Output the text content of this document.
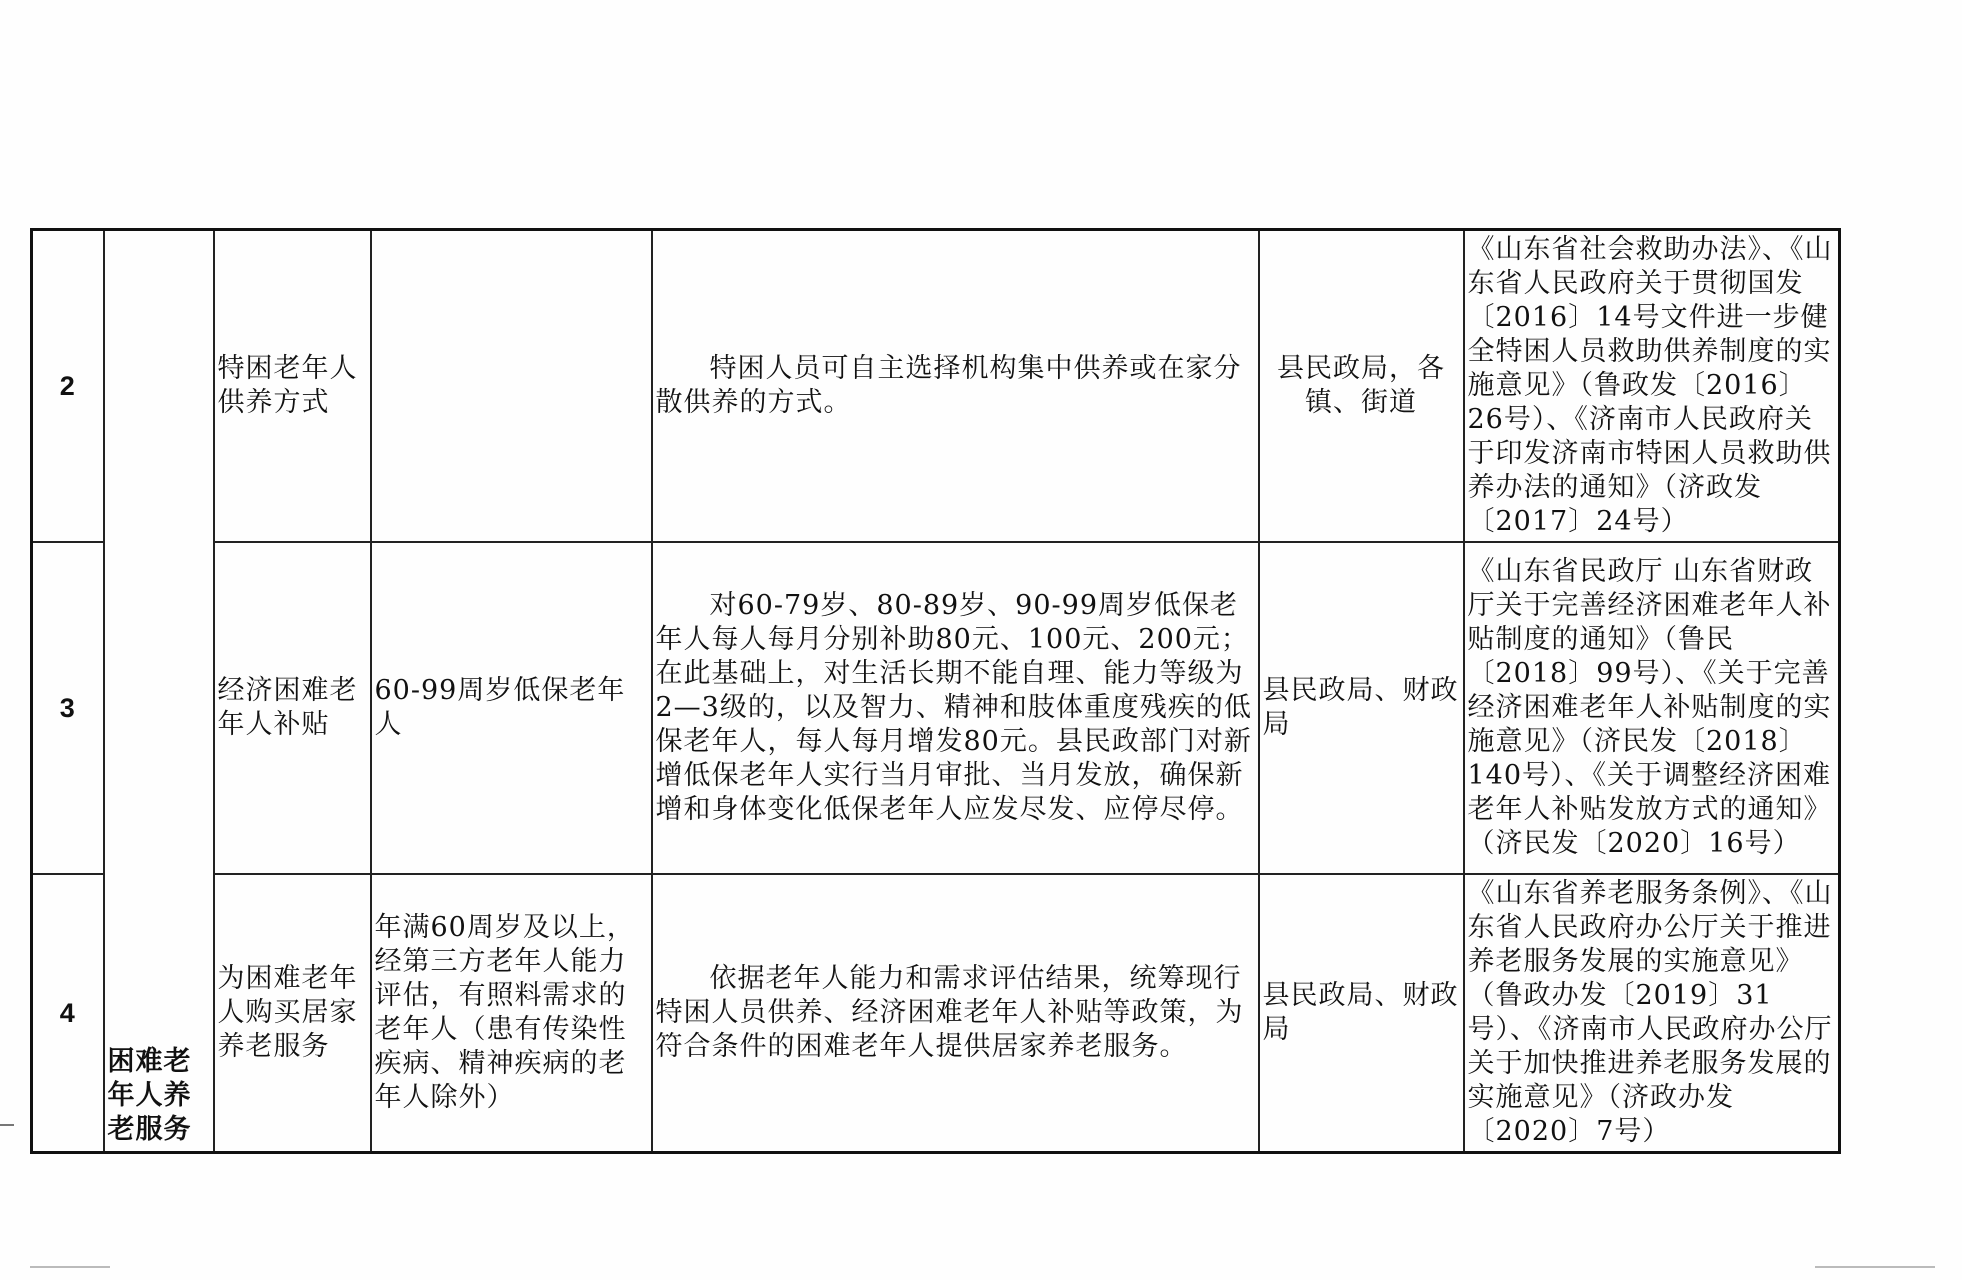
2	困难老年人养老服务	特困老年人供养方式		特困人员可自主选择机构集中供养或在家分散供养的方式。	县民政局，各镇、街道	《山东省社会救助办法》、《山东省人民政府关于贯彻国发〔2016〕14号文件进一步健全特困人员救助供养制度的实施意见》（鲁政发〔2016〕26号）、《济南市人民政府关于印发济南市特困人员救助供养办法的通知》（济政发〔2017〕24号）
3		经济困难老年人补贴	60-99周岁低保老年人	对60-79岁、80-89岁、90-99周岁低保老年人每人每月分别补助80元、100元、200元；在此基础上，对生活长期不能自理、能力等级为2—3级的，以及智力、精神和肢体重度残疾的低保老年人，每人每月增发80元。县民政部门对新增低保老年人实行当月审批、当月发放，确保新增和身体变化低保老年人应发尽发、应停尽停。	县民政局、财政局	《山东省民政厅 山东省财政厅关于完善经济困难老年人补贴制度的通知》（鲁民〔2018〕99号）、《关于完善经济困难老年人补贴制度的实施意见》（济民发〔2018〕140号）、《关于调整经济困难老年人补贴发放方式的通知》（济民发〔2020〕16号）
4		为困难老年人购买居家养老服务	年满60周岁及以上，经第三方老年人能力评估，有照料需求的老年人（患有传染性疾病、精神疾病的老年人除外）	依据老年人能力和需求评估结果，统筹现行特困人员供养、经济困难老年人补贴等政策，为符合条件的困难老年人提供居家养老服务。	县民政局、财政局	《山东省养老服务条例》、《山东省人民政府办公厅关于推进养老服务发展的实施意见》（鲁政办发〔2019〕31号）、《济南市人民政府办公厅关于加快推进养老服务发展的实施意见》（济政办发〔2020〕7号）
